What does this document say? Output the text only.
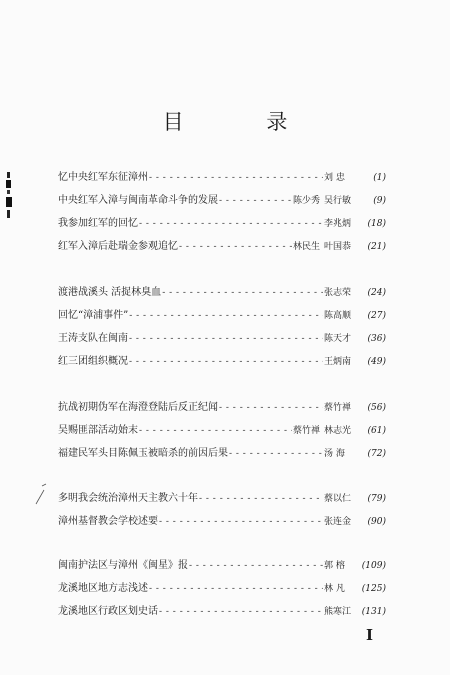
目 录
忆中央红军东征漳州 - - -	刘 忠	(1)
中央红军入漳与闽南革命斗争的发展 - - -	陈少秀 吴行敏	(9)
我参加红军的回忆 - - -	李兆炳	(18)
红军入漳后赴瑞金参观追忆 - - -	林民生 叶国恭	(21)
渡港战溪头 活捉林臭血 - - -	张志荣	(24)
回忆“漳浦事件” - - -	陈高顺	(27)
王涛支队在闽南 - - -	陈天才	(36)
红三团组织概况 - - -	王炳南	(49)
抗战初期伪军在海澄登陆后反正纪闻 - - -	蔡竹禅	(56)
吴赐匪部活动始末 - - -	蔡竹禅 林志光	(61)
福建民军头目陈佩玉被暗杀的前因后果 - - -	汤 海	(72)
多明我会统治漳州天主教六十年 - - -	蔡以仁	(79)
漳州基督教会学校述要 - - -	张连金	(90)
闽南护法区与漳州《闽星》报 - - -	郭 榕	(109)
龙溪地区地方志浅述 - - -	林 凡	(125)
龙溪地区行政区划史话 - - -	熊寒江	(131)
I
